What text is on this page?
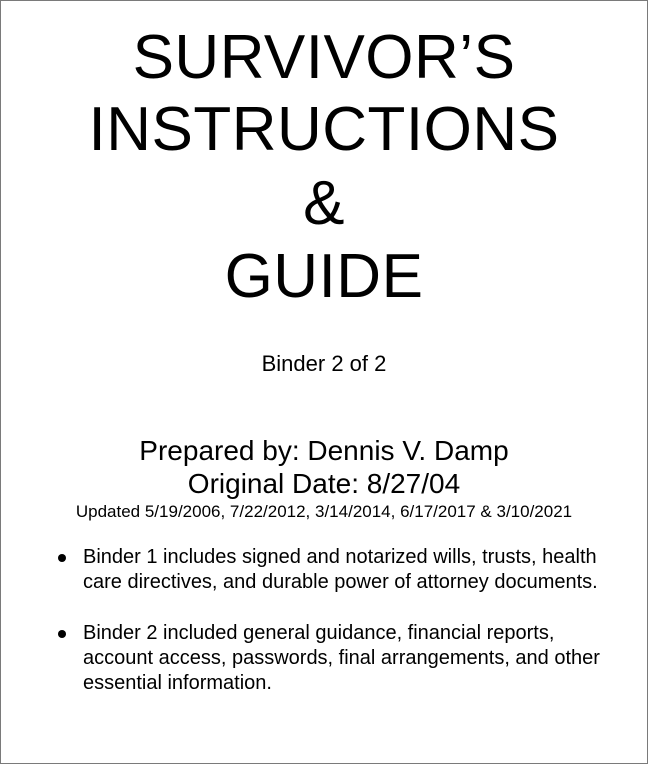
SURVIVOR’S
INSTRUCTIONS
&
GUIDE
Binder 2 of 2
Prepared by: Dennis V. Damp
Original Date: 8/27/04
Updated 5/19/2006, 7/22/2012, 3/14/2014, 6/17/2017 & 3/10/2021
Binder 1 includes signed and notarized wills, trusts, health care directives, and durable power of attorney documents.
Binder 2 included general guidance, financial reports, account access, passwords, final arrangements, and other essential information.
